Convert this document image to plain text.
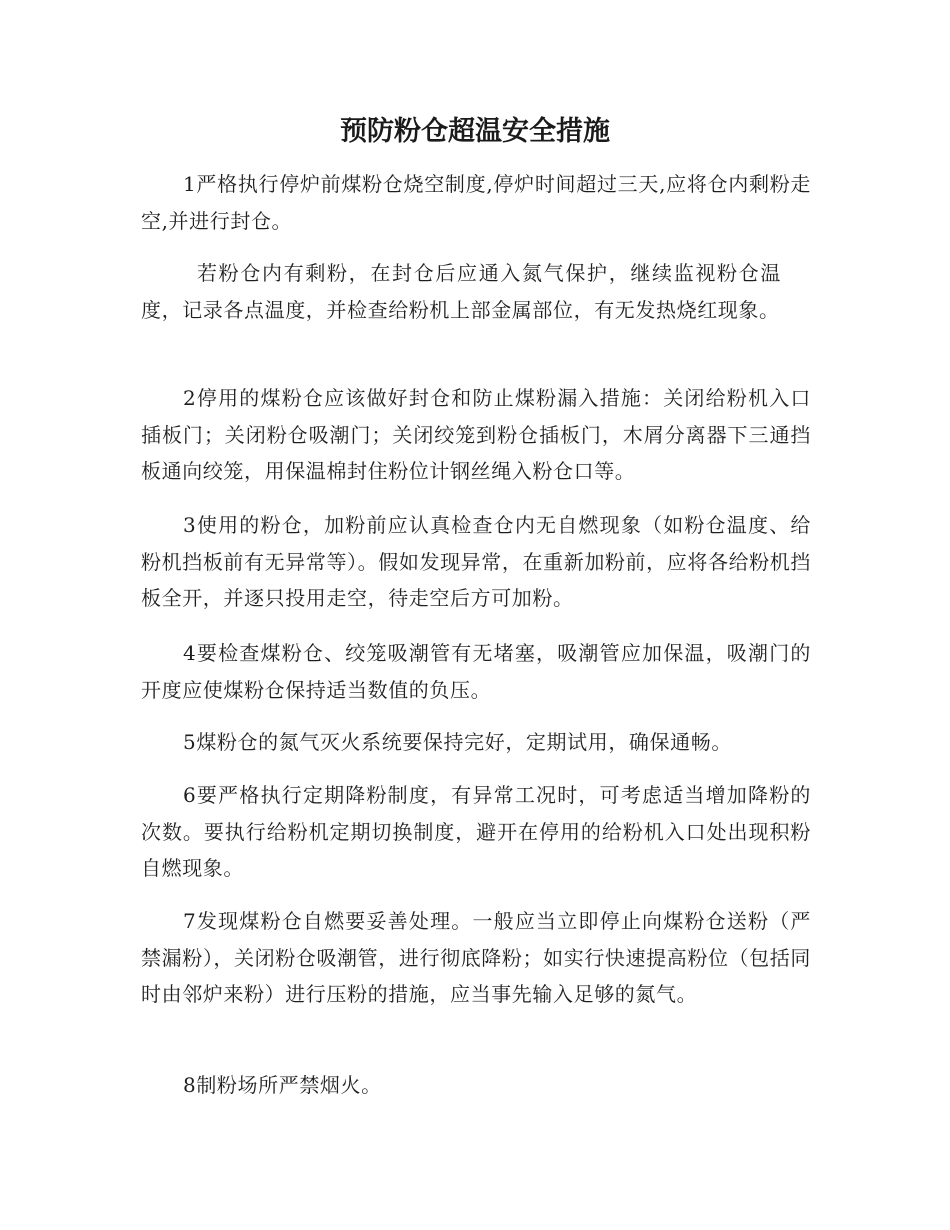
预防粉仓超温安全措施

1严格执行停炉前煤粉仓烧空制度,停炉时间超过三天,应将仓内剩粉走空,并进行封仓。

若粉仓内有剩粉，在封仓后应通入氮气保护，继续监视粉仓温度，记录各点温度，并检查给粉机上部金属部位，有无发热烧红现象。

2停用的煤粉仓应该做好封仓和防止煤粉漏入措施：关闭给粉机入口插板门；关闭粉仓吸潮门；关闭绞笼到粉仓插板门，木屑分离器下三通挡板通向绞笼，用保温棉封住粉位计钢丝绳入粉仓口等。

3使用的粉仓，加粉前应认真检查仓内无自燃现象（如粉仓温度、给粉机挡板前有无异常等）。假如发现异常，在重新加粉前，应将各给粉机挡板全开，并逐只投用走空，待走空后方可加粉。

4要检查煤粉仓、绞笼吸潮管有无堵塞，吸潮管应加保温，吸潮门的开度应使煤粉仓保持适当数值的负压。

5煤粉仓的氮气灭火系统要保持完好，定期试用，确保通畅。

6要严格执行定期降粉制度，有异常工况时，可考虑适当增加降粉的次数。要执行给粉机定期切换制度，避开在停用的给粉机入口处出现积粉自燃现象。

7发现煤粉仓自燃要妥善处理。一般应当立即停止向煤粉仓送粉（严禁漏粉），关闭粉仓吸潮管，进行彻底降粉；如实行快速提高粉位（包括同时由邻炉来粉）进行压粉的措施，应当事先输入足够的氮气。

8制粉场所严禁烟火。
